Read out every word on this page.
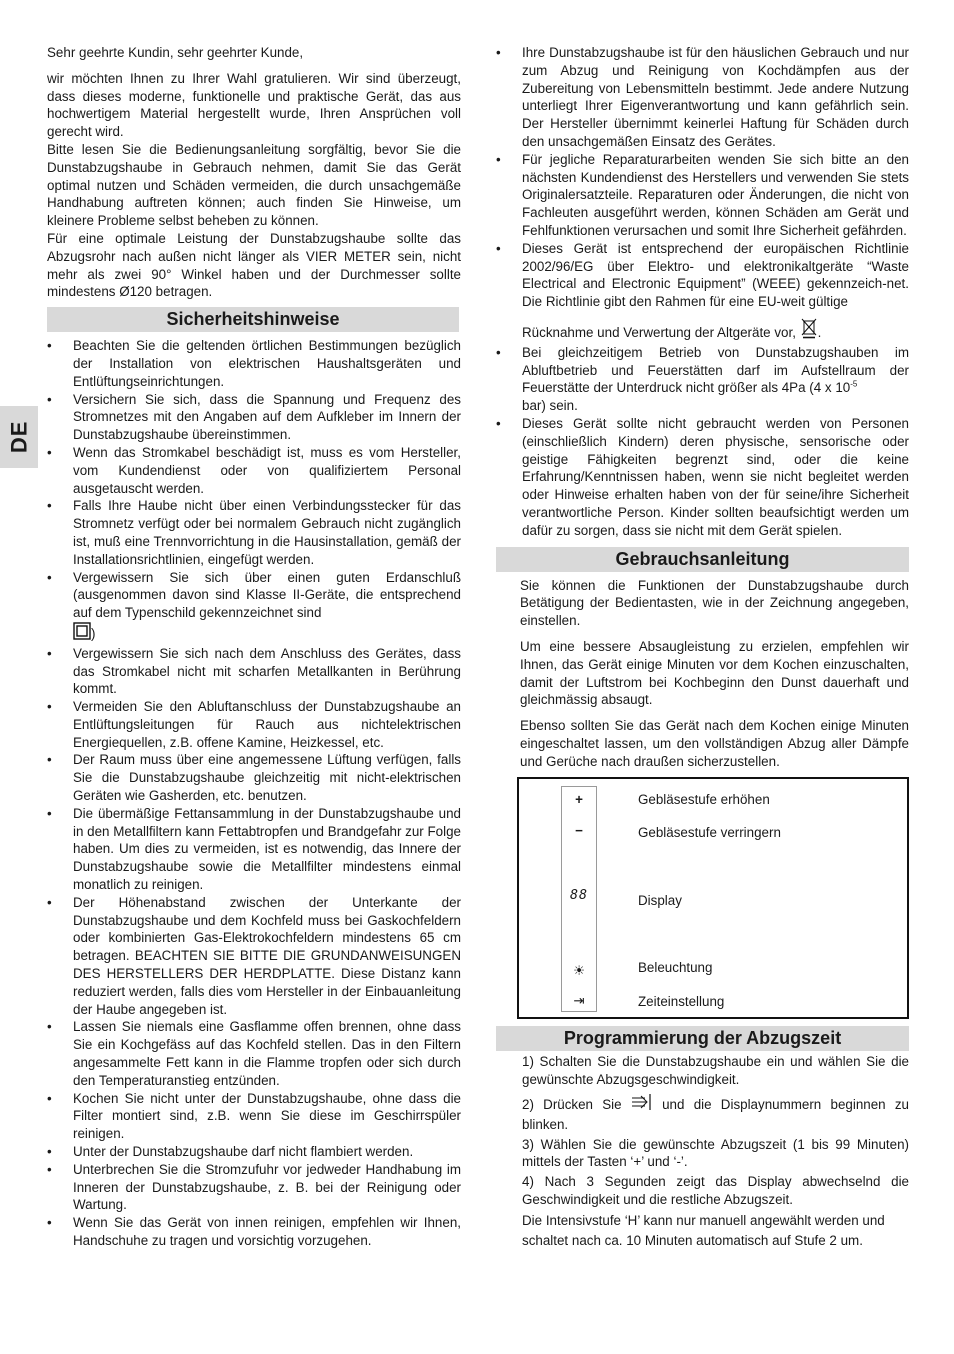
DE

Sehr geehrte Kundin, sehr geehrter Kunde,

wir möchten Ihnen zu Ihrer Wahl gratulieren. Wir sind überzeugt, dass dieses moderne, funktionelle und praktische Gerät, das aus hochwertigem Material hergestellt wurde, Ihren Ansprüchen voll gerecht wird.

Bitte lesen Sie die Bedienungsanleitung sorgfältig, bevor Sie die Dunstabzugshaube in Gebrauch nehmen, damit Sie das Gerät optimal nutzen und Schäden vermeiden, die durch unsachgemäße Handhabung auftreten können; auch finden Sie Hinweise, um kleinere Probleme selbst beheben zu können.

Für eine optimale Leistung der Dunstabzugshaube sollte das Abzugsrohr nach außen nicht länger als VIER METER sein, nicht mehr als zwei 90° Winkel haben und der Durchmesser sollte mindestens Ø120 betragen.

Sicherheitshinweise
• Beachten Sie die geltenden örtlichen Bestimmungen bezüglich der Installation von elektrischen Haushaltsgeräten und Entlüftungseinrichtungen.
• Versichern Sie sich, dass die Spannung und Frequenz des Stromnetzes mit den Angaben auf dem Aufkleber im Innern der Dunstabzugshaube übereinstimmen.
• Wenn das Stromkabel beschädigt ist, muss es vom Hersteller, vom Kundendienst oder von qualifiziertem Personal ausgetauscht werden.
• Falls Ihre Haube nicht über einen Verbindungsstecker für das Stromnetz verfügt oder bei normalem Gebrauch nicht zugänglich ist, muß eine Trennvorrichtung in die Hausinstallation, gemäß der Installationsrichtlinien, eingefügt werden.
• Vergewissern Sie sich über einen guten Erdanschluß (ausgenommen davon sind Klasse II-Geräte, die entsprechend auf dem Typenschild gekennzeichnet sind
)
• Vergewissern Sie sich nach dem Anschluss des Gerätes, dass das Stromkabel nicht mit scharfen Metallkanten in Berührung kommt.
• Vermeiden Sie den Abluftanschluss der Dunstabzugshaube an Entlüftungsleitungen für Rauch aus nichtelektrischen Energiequellen, z.B. offene Kamine, Heizkessel, etc.
• Der Raum muss über eine angemessene Lüftung verfügen, falls Sie die Dunstabzugshaube gleichzeitig mit nicht-elektrischen Geräten wie Gasherden, etc. benutzen.
• Die übermäßige Fettansammlung in der Dunstabzugshaube und in den Metallfiltern kann Fettabtropfen und Brandgefahr zur Folge haben. Um dies zu vermeiden, ist es notwendig, das Innere der Dunstabzugshaube sowie die Metallfilter mindestens einmal monatlich zu reinigen.
• Der Höhenabstand zwischen der Unterkante der Dunstabzugshaube und dem Kochfeld muss bei Gaskochfeldern oder kombinierten Gas-Elektrokochfeldern mindestens 65 cm betragen. BEACHTEN SIE BITTE DIE GRUNDANWEISUNGEN DES HERSTELLERS DER HERDPLATTE. Diese Distanz kann reduziert werden, falls dies vom Hersteller in der Einbauanleitung der Haube angegeben ist.
• Lassen Sie niemals eine Gasflamme offen brennen, ohne dass Sie ein Kochgefäss auf das Kochfeld stellen. Das in den Filtern angesammelte Fett kann in die Flamme tropfen oder sich durch den Temperaturanstieg entzünden.
• Kochen Sie nicht unter der Dunstabzugshaube, ohne dass die Filter montiert sind, z.B. wenn Sie diese im Geschirrspüler reinigen.
• Unter der Dunstabzugshaube darf nicht flambiert werden.
• Unterbrechen Sie die Stromzufuhr vor jedweder Handhabung im Inneren der Dunstabzugshaube, z. B. bei der Reinigung oder Wartung.
• Wenn Sie das Gerät von innen reinigen, empfehlen wir Ihnen, Handschuhe zu tragen und vorsichtig vorzugehen.
• Ihre Dunstabzugshaube ist für den häuslichen Gebrauch und nur zum Abzug und Reinigung von Kochdämpfen aus der Zubereitung von Lebensmitteln bestimmt. Jede andere Nutzung unterliegt Ihrer Eigenverantwortung und kann gefährlich sein. Der Hersteller übernimmt keinerlei Haftung für Schäden durch den unsachgemäßen Einsatz des Gerätes.
• Für jegliche Reparaturarbeiten wenden Sie sich bitte an den nächsten Kundendienst des Herstellers und verwenden Sie stets Originalersatzteile. Reparaturen oder Änderungen, die nicht von Fachleuten ausgeführt werden, können Schäden am Gerät und Fehlfunktionen verursachen und somit Ihre Sicherheit gefährden.
• Dieses Gerät ist entsprechend der europäischen Richtlinie 2002/96/EG über Elektro- und elektronikaltgeräte “Waste Electrical and Electronic Equipment” (WEEE) gekennzeich-net. Die Richtlinie gibt den Rahmen für eine EU-weit gültige
Rücknahme und Verwertung der Altgeräte vor, .
• Bei gleichzeitigem Betrieb von Dunstabzugshauben im Abluftbetrieb und Feuerstätten darf im Aufstellraum der Feuerstätte der Unterdruck nicht größer als 4Pa (4 x $10^{-5}$
bar) sein.
• Dieses Gerät sollte nicht gebraucht werden von Personen (einschließlich Kindern) deren physische, sensorische oder geistige Fähigkeiten begrenzt sind, oder die keine Erfahrung/Kenntnissen haben, wenn sie nicht begleitet werden oder Hinweise erhalten haben von der für seine/ihre Sicherheit verantwortliche Person. Kinder sollten beaufsichtigt werden um dafür zu sorgen, dass sie nicht mit dem Gerät spielen.
Gebrauchsanleitung

Sie können die Funktionen der Dunstabzugshaube durch Betätigung der Bedientasten, wie in der Zeichnung angegeben, einstellen.

Um eine bessere Absaugleistung zu erzielen, empfehlen wir Ihnen, das Gerät einige Minuten vor dem Kochen einzuschalten, damit der Luftstrom bei Kochbeginn den Dunst dauerhaft und gleichmässig absaugt.

Ebenso sollten Sie das Gerät nach dem Kochen einige Minuten eingeschaltet lassen, um den vollständigen Abzug aller Dämpfe und Gerüche nach draußen sicherzustellen.

+
−
88
☀
⇥
Gebläsestufe erhöhen
Gebläsestufe verringern
Display
Beleuchtung
Zeiteinstellung
Programmierung der Abzugszeit

1) Schalten Sie die Dunstabzugshaube ein und wählen Sie die gewünschte Abzugsgeschwindigkeit.

2) Drücken Sie	und die Displaynummern beginnen zu blinken.

3) Wählen Sie die gewünschte Abzugszeit (1 bis 99 Minuten) mittels der Tasten ‘+’ und ‘-’.

4) Nach 3 Segunden zeigt das Display abwechselnd die Geschwindigkeit und die restliche Abzugszeit.

Die Intensivstufe ‘H’ kann nur manuell angewählt werden und schaltet nach ca. 10 Minuten automatisch auf Stufe 2 um.
